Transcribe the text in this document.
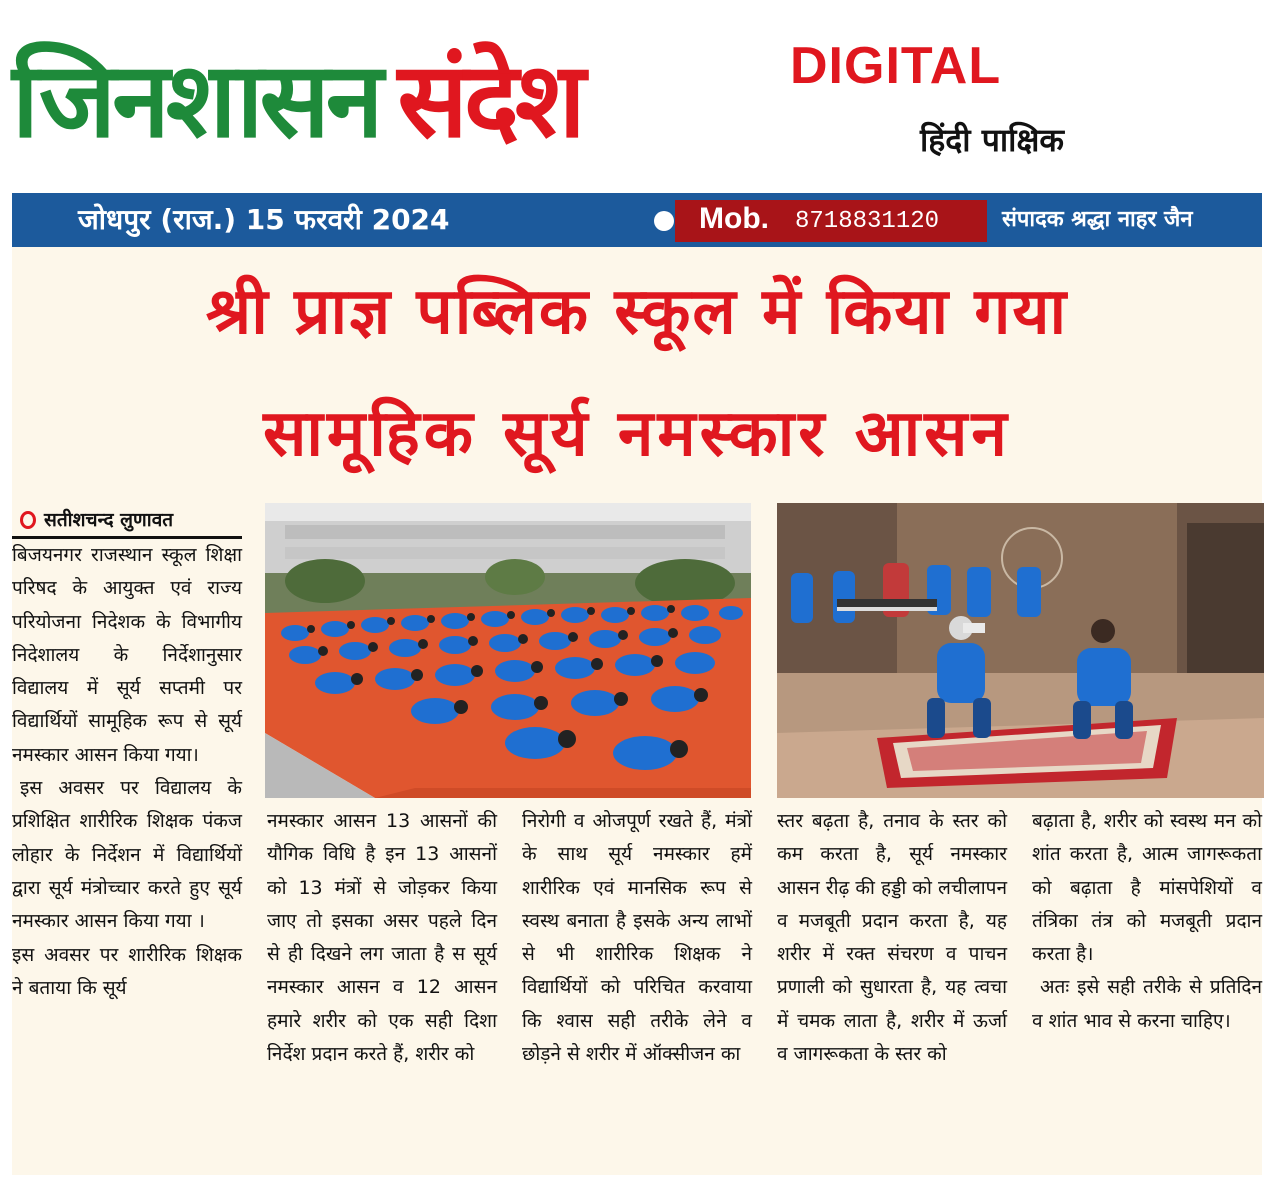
जिनशासन संदेश	DIGITAL
हिंदी पाक्षिक
जोधपुर (राज.) 15 फरवरी 2024	Mob. 8718831120	संपादक श्रद्धा नाहर जैन
श्री प्राज्ञ पब्लिक स्कूल में किया गया
सामूहिक सूर्य नमस्कार आसन
सतीशचन्द लुणावत

बिजयनगर राजस्थान स्कूल शिक्षा परिषद के आयुक्त एवं राज्य परियोजना निदेशक के विभागीय निदेशालय के निर्देशानुसार विद्यालय में सूर्य सप्तमी पर विद्यार्थियों सामूहिक रूप से सूर्य नमस्कार आसन किया गया।

इस अवसर पर विद्यालय के प्रशिक्षित शारीरिक शिक्षक पंकज लोहार के निर्देशन में विद्यार्थियों द्वारा सूर्य मंत्रोच्चार करते हुए सूर्य नमस्कार आसन किया गया ।

इस अवसर पर शारीरिक शिक्षक ने बताया कि सूर्य

नमस्कार आसन 13 आसनों की यौगिक विधि है इन 13 आसनों को 13 मंत्रों से जोड़कर किया जाए तो इसका असर पहले दिन से ही दिखने लग जाता है स सूर्य नमस्कार आसन व 12 आसन हमारे शरीर को एक सही दिशा निर्देश प्रदान करते हैं, शरीर को
निरोगी व ओजपूर्ण रखते हैं, मंत्रों के साथ सूर्य नमस्कार हमें शारीरिक एवं मानसिक रूप से स्वस्थ बनाता है इसके अन्य लाभों से भी शारीरिक शिक्षक ने विद्यार्थियों को परिचित करवाया कि श्वास सही तरीके लेने व छोड़ने से शरीर में ऑक्सीजन का
स्तर बढ़ता है, तनाव के स्तर को कम करता है, सूर्य नमस्कार आसन रीढ़ की हड्डी को लचीलापन व मजबूती प्रदान करता है, यह शरीर में रक्त संचरण व पाचन प्रणाली को सुधारता है, यह त्वचा में चमक लाता है, शरीर में ऊर्जा व जागरूकता के स्तर को

बढ़ाता है, शरीर को स्वस्थ मन को शांत करता है, आत्म जागरूकता को बढ़ाता है मांसपेशियों व तंत्रिका तंत्र को मजबूती प्रदान करता है।

अतः इसे सही तरीके से प्रतिदिन व शांत भाव से करना चाहिए।
